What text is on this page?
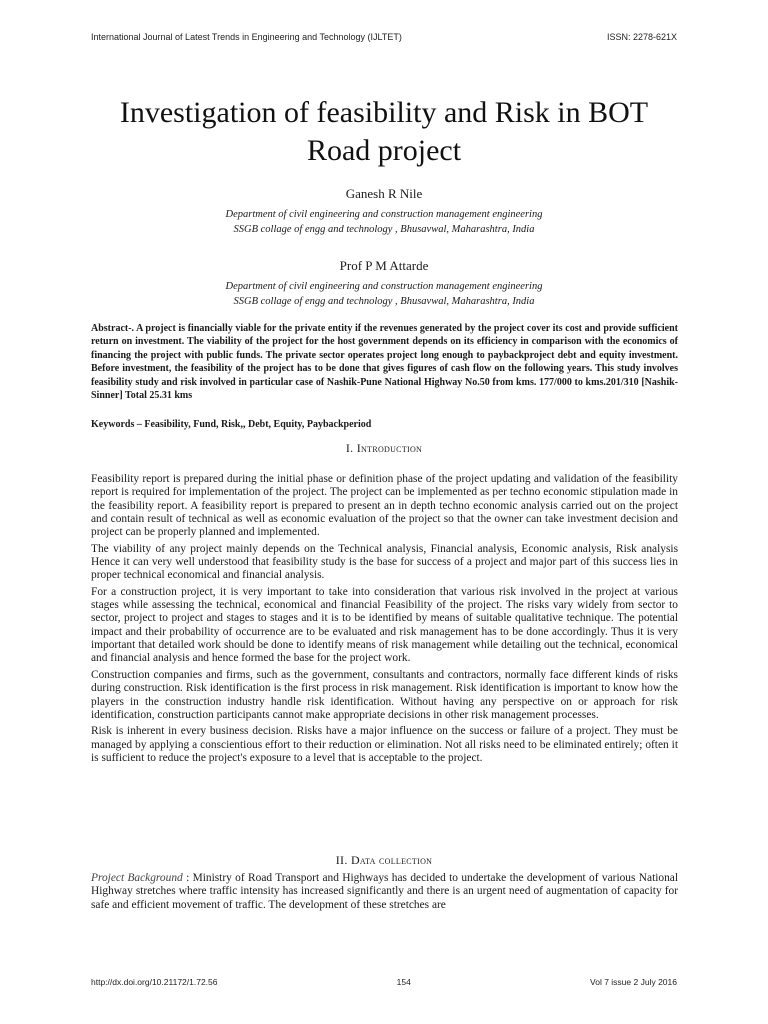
International Journal of Latest Trends in Engineering and Technology (IJLTET)	ISSN: 2278-621X
Investigation of feasibility and Risk in BOT
Road project
Ganesh R Nile
Department of civil engineering and construction management engineering
SSGB collage of engg and technology , Bhusavwal, Maharashtra, India
Prof P M Attarde
Department of civil engineering and construction management engineering
SSGB collage of engg and technology , Bhusavwal, Maharashtra, India

Abstract-. A project is financially viable for the private entity if the revenues generated by the project cover its cost and provide sufficient return on investment. The viability of the project for the host government depends on its efficiency in comparison with the economics of financing the project with public funds. The private sector operates project long enough to paybackproject debt and equity investment. Before investment, the feasibility of the project has to be done that gives figures of cash flow on the following years. This study involves feasibility study and risk involved in particular case of Nashik-Pune National Highway No.50 from kms. 177/000 to kms.201/310 [Nashik-Sinner] Total 25.31 kms

Keywords – Feasibility, Fund, Risk,, Debt, Equity, Paybackperiod

I. Introduction

Feasibility report is prepared during the initial phase or definition phase of the project updating and validation of the feasibility report is required for implementation of the project. The project can be implemented as per techno economic stipulation made in the feasibility report. A feasibility report is prepared to present an in depth techno economic analysis carried out on the project and contain result of technical as well as economic evaluation of the project so that the owner can take investment decision and project can be properly planned and implemented.

The viability of any project mainly depends on the Technical analysis, Financial analysis, Economic analysis, Risk analysis Hence it can very well understood that feasibility study is the base for success of a project and major part of this success lies in proper technical economical and financial analysis.

For a construction project, it is very important to take into consideration that various risk involved in the project at various stages while assessing the technical, economical and financial Feasibility of the project. The risks vary widely from sector to sector, project to project and stages to stages and it is to be identified by means of suitable qualitative technique. The potential impact and their probability of occurrence are to be evaluated and risk management has to be done accordingly. Thus it is very important that detailed work should be done to identify means of risk management while detailing out the technical, economical and financial analysis and hence formed the base for the project work.

Construction companies and firms, such as the government, consultants and contractors, normally face different kinds of risks during construction. Risk identification is the first process in risk management. Risk identification is important to know how the players in the construction industry handle risk identification. Without having any perspective on or approach for risk identification, construction participants cannot make appropriate decisions in other risk management processes.

Risk is inherent in every business decision. Risks have a major influence on the success or failure of a project. They must be managed by applying a conscientious effort to their reduction or elimination. Not all risks need to be eliminated entirely; often it is sufficient to reduce the project's exposure to a level that is acceptable to the project.

II. Data collection

Project Background : Ministry of Road Transport and Highways has decided to undertake the development of various National Highway stretches where traffic intensity has increased significantly and there is an urgent need of augmentation of capacity for safe and efficient movement of traffic. The development of these stretches are

http://dx.doi.org/10.21172/1.72.56	154	Vol 7 issue 2 July 2016
